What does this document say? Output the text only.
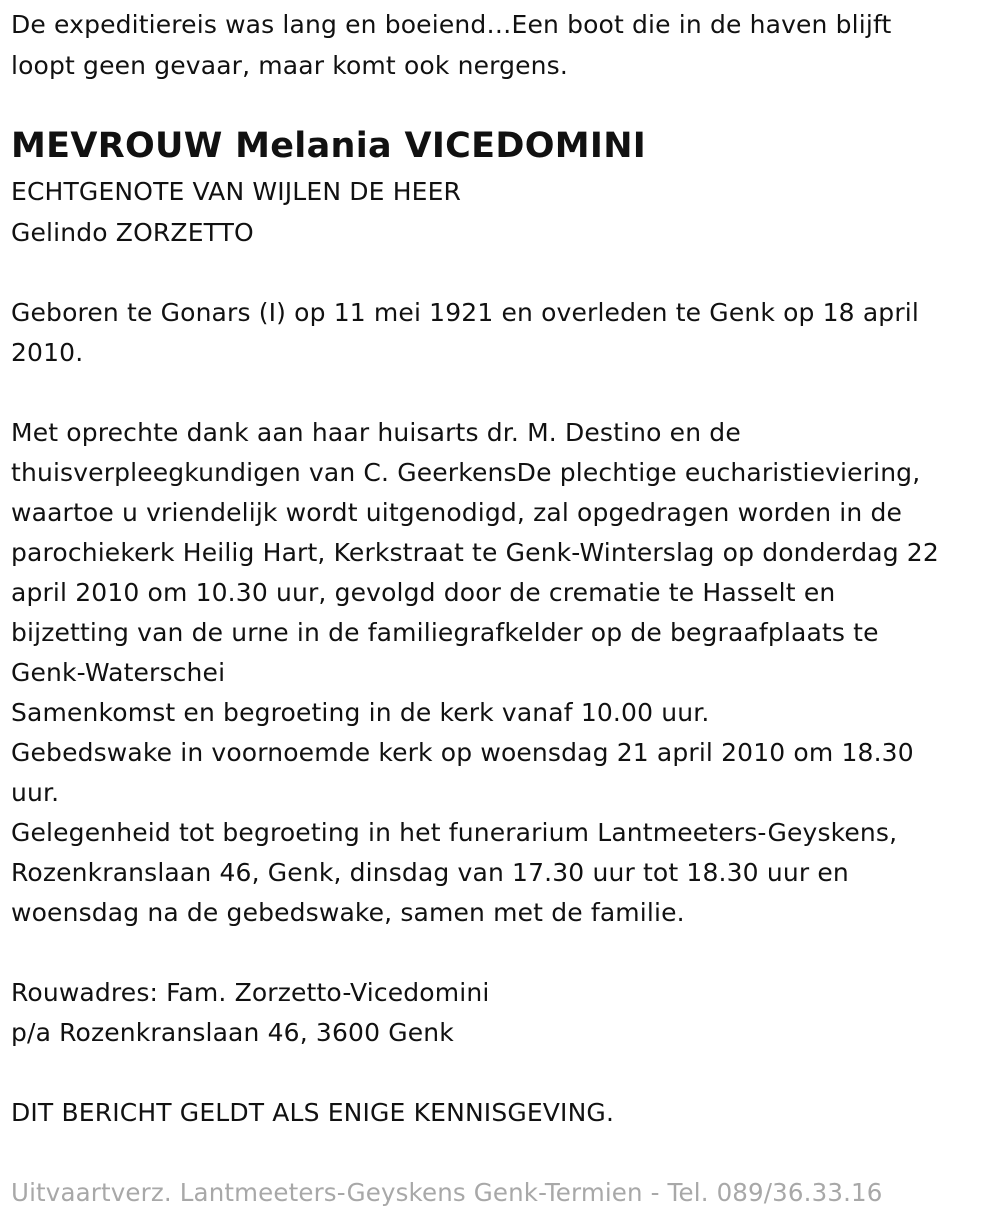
De expeditiereis was lang en boeiend…Een boot die in de haven blijft
loopt geen gevaar, maar komt ook nergens.
MEVROUW Melania VICEDOMINI
ECHTGENOTE VAN WIJLEN DE HEER
Gelindo ZORZETTO
Geboren te Gonars (I) op 11 mei 1921 en overleden te Genk op 18 april
2010.
Met oprechte dank aan haar huisarts dr. M. Destino en de
thuisverpleegkundigen van C. GeerkensDe plechtige eucharistieviering,
waartoe u vriendelijk wordt uitgenodigd, zal opgedragen worden in de
parochiekerk Heilig Hart, Kerkstraat te Genk-Winterslag op donderdag 22
april 2010 om 10.30 uur, gevolgd door de crematie te Hasselt en
bijzetting van de urne in de familiegrafkelder op de begraafplaats te
Genk-Waterschei
Samenkomst en begroeting in de kerk vanaf 10.00 uur.
Gebedswake in voornoemde kerk op woensdag 21 april 2010 om 18.30
uur.
Gelegenheid tot begroeting in het funerarium Lantmeeters-Geyskens,
Rozenkranslaan 46, Genk, dinsdag van 17.30 uur tot 18.30 uur en
woensdag na de gebedswake, samen met de familie.
Rouwadres: Fam. Zorzetto-Vicedomini
p/a Rozenkranslaan 46, 3600 Genk
DIT BERICHT GELDT ALS ENIGE KENNISGEVING.
Uitvaartverz. Lantmeeters-Geyskens Genk-Termien - Tel. 089/36.33.16
